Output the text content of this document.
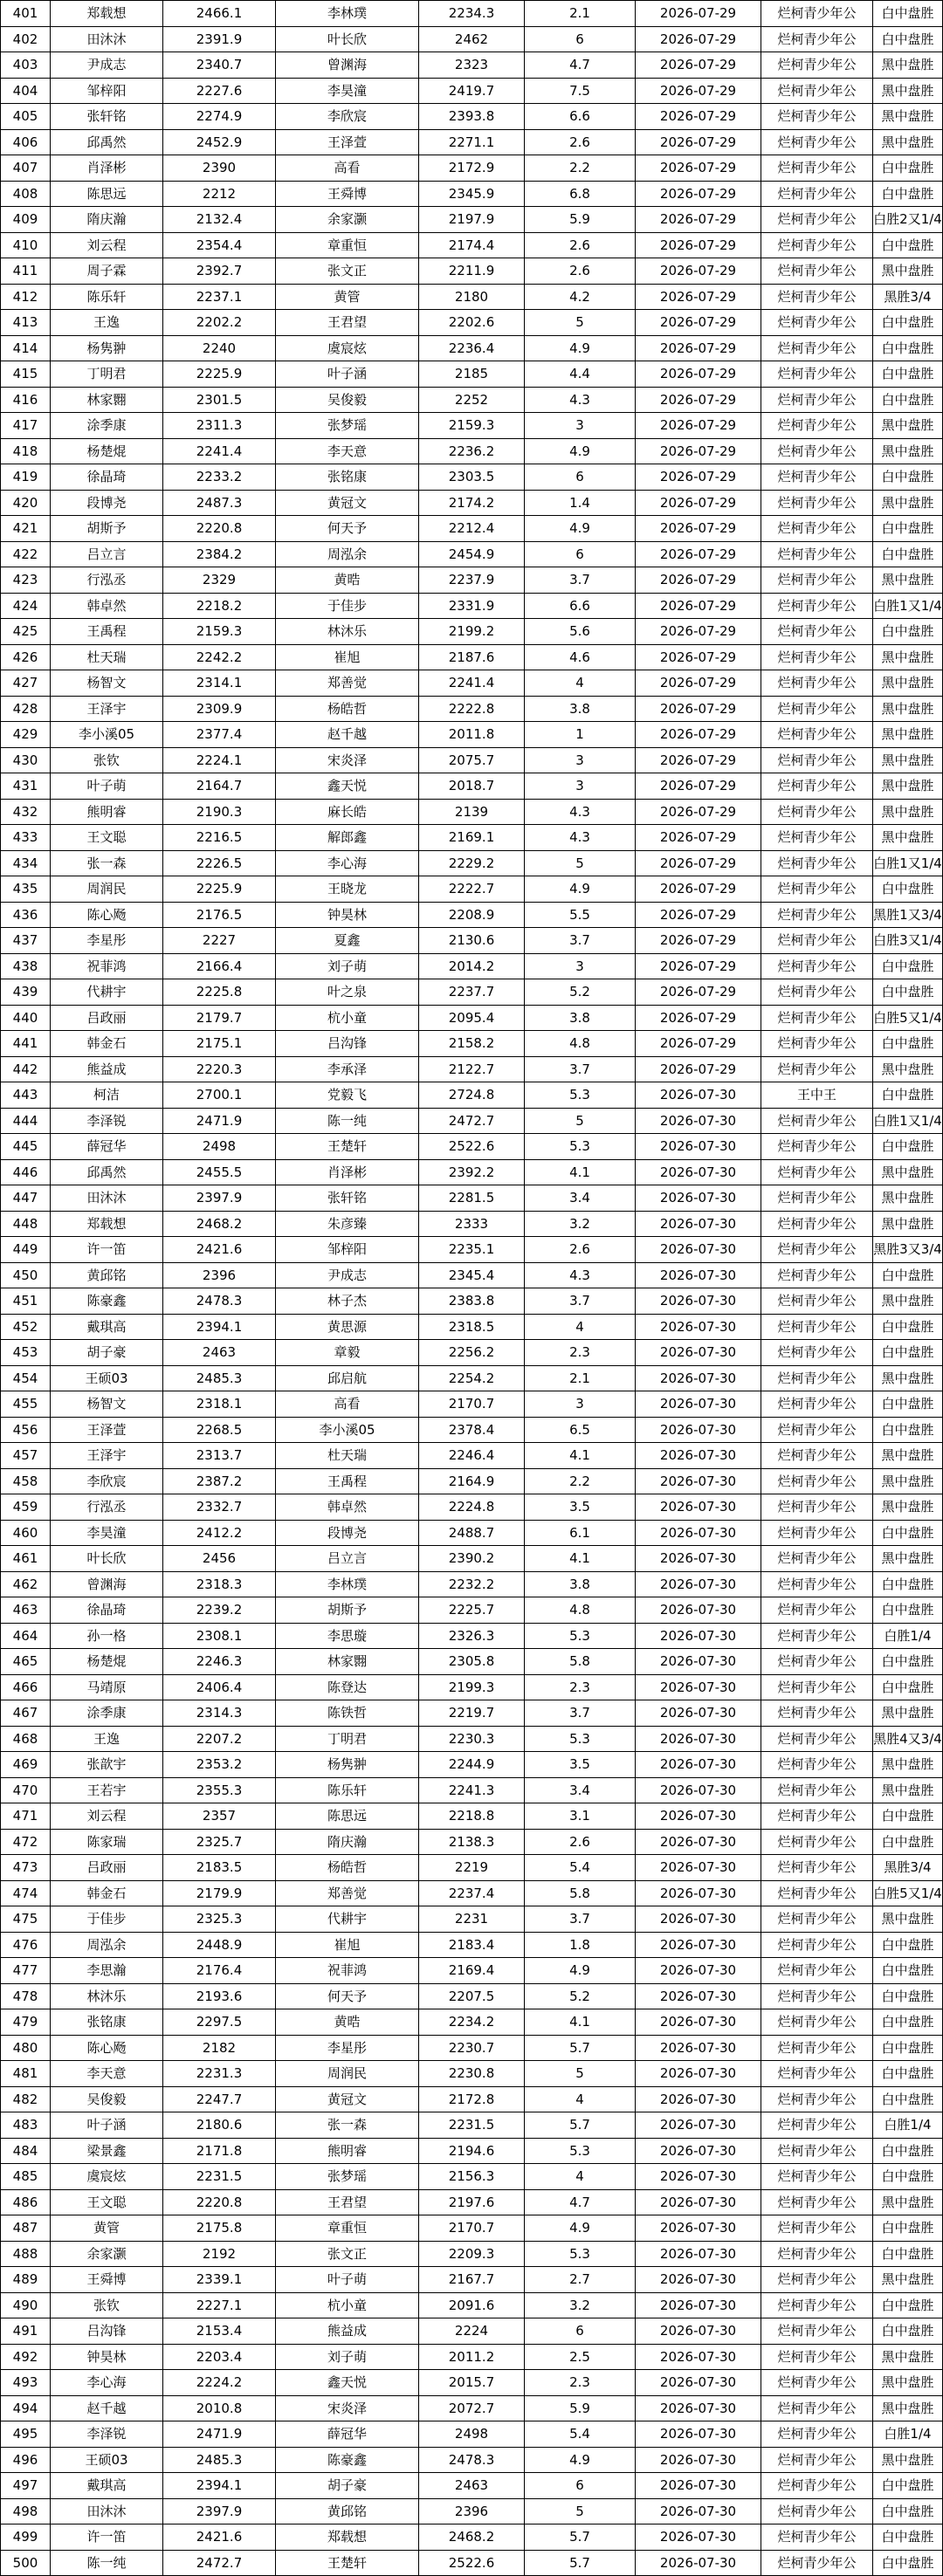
401	郑载想	2466.1	李林璞	2234.3	2.1	2026-07-29	烂柯青少年公	白中盘胜
402	田沐沐	2391.9	叶长欣	2462	6	2026-07-29	烂柯青少年公	白中盘胜
403	尹成志	2340.7	曾渊海	2323	4.7	2026-07-29	烂柯青少年公	黑中盘胜
404	邹梓阳	2227.6	李昊潼	2419.7	7.5	2026-07-29	烂柯青少年公	黑中盘胜
405	张轩铭	2274.9	李欣宸	2393.8	6.6	2026-07-29	烂柯青少年公	黑中盘胜
406	邱禹然	2452.9	王泽萱	2271.1	2.6	2026-07-29	烂柯青少年公	黑中盘胜
407	肖泽彬	2390	高看	2172.9	2.2	2026-07-29	烂柯青少年公	白中盘胜
408	陈思远	2212	王舜博	2345.9	6.8	2026-07-29	烂柯青少年公	白中盘胜
409	隋庆瀚	2132.4	余家灏	2197.9	5.9	2026-07-29	烂柯青少年公	白胜2又1/4
410	刘云程	2354.4	章重恒	2174.4	2.6	2026-07-29	烂柯青少年公	白中盘胜
411	周子霖	2392.7	张文正	2211.9	2.6	2026-07-29	烂柯青少年公	黑中盘胜
412	陈乐轩	2237.1	黄管	2180	4.2	2026-07-29	烂柯青少年公	黑胜3/4
413	王逸	2202.2	王君望	2202.6	5	2026-07-29	烂柯青少年公	白中盘胜
414	杨隽翀	2240	虞宸炫	2236.4	4.9	2026-07-29	烂柯青少年公	白中盘胜
415	丁明君	2225.9	叶子涵	2185	4.4	2026-07-29	烂柯青少年公	白中盘胜
416	林家翾	2301.5	吴俊毅	2252	4.3	2026-07-29	烂柯青少年公	白中盘胜
417	涂季康	2311.3	张梦瑶	2159.3	3	2026-07-29	烂柯青少年公	黑中盘胜
418	杨楚焜	2241.4	李天意	2236.2	4.9	2026-07-29	烂柯青少年公	黑中盘胜
419	徐晶琦	2233.2	张铭康	2303.5	6	2026-07-29	烂柯青少年公	白中盘胜
420	段博尧	2487.3	黄冠文	2174.2	1.4	2026-07-29	烂柯青少年公	黑中盘胜
421	胡斯予	2220.8	何天予	2212.4	4.9	2026-07-29	烂柯青少年公	白中盘胜
422	吕立言	2384.2	周泓余	2454.9	6	2026-07-29	烂柯青少年公	白中盘胜
423	行泓丞	2329	黄晧	2237.9	3.7	2026-07-29	烂柯青少年公	黑中盘胜
424	韩卓然	2218.2	于佳步	2331.9	6.6	2026-07-29	烂柯青少年公	白胜1又1/4
425	王禹程	2159.3	林沐乐	2199.2	5.6	2026-07-29	烂柯青少年公	白中盘胜
426	杜天瑞	2242.2	崔旭	2187.6	4.6	2026-07-29	烂柯青少年公	黑中盘胜
427	杨智文	2314.1	郑善觉	2241.4	4	2026-07-29	烂柯青少年公	黑中盘胜
428	王泽宇	2309.9	杨皓哲	2222.8	3.8	2026-07-29	烂柯青少年公	黑中盘胜
429	李小溪05	2377.4	赵千越	2011.8	1	2026-07-29	烂柯青少年公	黑中盘胜
430	张钦	2224.1	宋炎泽	2075.7	3	2026-07-29	烂柯青少年公	黑中盘胜
431	叶子萌	2164.7	鑫天悦	2018.7	3	2026-07-29	烂柯青少年公	黑中盘胜
432	熊明睿	2190.3	麻长皓	2139	4.3	2026-07-29	烂柯青少年公	黑中盘胜
433	王文聪	2216.5	解郎鑫	2169.1	4.3	2026-07-29	烂柯青少年公	黑中盘胜
434	张一森	2226.5	李心海	2229.2	5	2026-07-29	烂柯青少年公	白胜1又1/4
435	周润民	2225.9	王晓龙	2222.7	4.9	2026-07-29	烂柯青少年公	白中盘胜
436	陈心飏	2176.5	钟昊林	2208.9	5.5	2026-07-29	烂柯青少年公	黑胜1又3/4
437	李星彤	2227	夏鑫	2130.6	3.7	2026-07-29	烂柯青少年公	白胜3又1/4
438	祝菲鸿	2166.4	刘子萌	2014.2	3	2026-07-29	烂柯青少年公	白中盘胜
439	代耕宇	2225.8	叶之泉	2237.7	5.2	2026-07-29	烂柯青少年公	白中盘胜
440	吕政丽	2179.7	杭小童	2095.4	3.8	2026-07-29	烂柯青少年公	白胜5又1/4
441	韩金石	2175.1	吕沟锋	2158.2	4.8	2026-07-29	烂柯青少年公	白中盘胜
442	熊益成	2220.3	李承泽	2122.7	3.7	2026-07-29	烂柯青少年公	黑中盘胜
443	柯洁	2700.1	党毅飞	2724.8	5.3	2026-07-30	王中王	白中盘胜
444	李泽锐	2471.9	陈一纯	2472.7	5	2026-07-30	烂柯青少年公	白胜1又1/4
445	薛冠华	2498	王楚轩	2522.6	5.3	2026-07-30	烂柯青少年公	白中盘胜
446	邱禹然	2455.5	肖泽彬	2392.2	4.1	2026-07-30	烂柯青少年公	黑中盘胜
447	田沐沐	2397.9	张轩铭	2281.5	3.4	2026-07-30	烂柯青少年公	黑中盘胜
448	郑载想	2468.2	朱彦臻	2333	3.2	2026-07-30	烂柯青少年公	黑中盘胜
449	许一笛	2421.6	邹梓阳	2235.1	2.6	2026-07-30	烂柯青少年公	黑胜3又3/4
450	黄邱铭	2396	尹成志	2345.4	4.3	2026-07-30	烂柯青少年公	白中盘胜
451	陈豪鑫	2478.3	林子杰	2383.8	3.7	2026-07-30	烂柯青少年公	黑中盘胜
452	戴琪高	2394.1	黄思源	2318.5	4	2026-07-30	烂柯青少年公	白中盘胜
453	胡子豪	2463	章毅	2256.2	2.3	2026-07-30	烂柯青少年公	白中盘胜
454	王硕03	2485.3	邱启航	2254.2	2.1	2026-07-30	烂柯青少年公	黑中盘胜
455	杨智文	2318.1	高看	2170.7	3	2026-07-30	烂柯青少年公	白中盘胜
456	王泽萱	2268.5	李小溪05	2378.4	6.5	2026-07-30	烂柯青少年公	白中盘胜
457	王泽宇	2313.7	杜天瑞	2246.4	4.1	2026-07-30	烂柯青少年公	黑中盘胜
458	李欣宸	2387.2	王禹程	2164.9	2.2	2026-07-30	烂柯青少年公	黑中盘胜
459	行泓丞	2332.7	韩卓然	2224.8	3.5	2026-07-30	烂柯青少年公	黑中盘胜
460	李昊潼	2412.2	段博尧	2488.7	6.1	2026-07-30	烂柯青少年公	白中盘胜
461	叶长欣	2456	吕立言	2390.2	4.1	2026-07-30	烂柯青少年公	黑中盘胜
462	曾渊海	2318.3	李林璞	2232.2	3.8	2026-07-30	烂柯青少年公	白中盘胜
463	徐晶琦	2239.2	胡斯予	2225.7	4.8	2026-07-30	烂柯青少年公	白中盘胜
464	孙一格	2308.1	李思璇	2326.3	5.3	2026-07-30	烂柯青少年公	白胜1/4
465	杨楚焜	2246.3	林家翾	2305.8	5.8	2026-07-30	烂柯青少年公	白中盘胜
466	马靖原	2406.4	陈登达	2199.3	2.3	2026-07-30	烂柯青少年公	白中盘胜
467	涂季康	2314.3	陈铁哲	2219.7	3.7	2026-07-30	烂柯青少年公	黑中盘胜
468	王逸	2207.2	丁明君	2230.3	5.3	2026-07-30	烂柯青少年公	黑胜4又3/4
469	张歆宇	2353.2	杨隽翀	2244.9	3.5	2026-07-30	烂柯青少年公	黑中盘胜
470	王若宇	2355.3	陈乐轩	2241.3	3.4	2026-07-30	烂柯青少年公	黑中盘胜
471	刘云程	2357	陈思远	2218.8	3.1	2026-07-30	烂柯青少年公	白中盘胜
472	陈家瑞	2325.7	隋庆瀚	2138.3	2.6	2026-07-30	烂柯青少年公	白中盘胜
473	吕政丽	2183.5	杨皓哲	2219	5.4	2026-07-30	烂柯青少年公	黑胜3/4
474	韩金石	2179.9	郑善觉	2237.4	5.8	2026-07-30	烂柯青少年公	白胜5又1/4
475	于佳步	2325.3	代耕宇	2231	3.7	2026-07-30	烂柯青少年公	黑中盘胜
476	周泓余	2448.9	崔旭	2183.4	1.8	2026-07-30	烂柯青少年公	白中盘胜
477	李思瀚	2176.4	祝菲鸿	2169.4	4.9	2026-07-30	烂柯青少年公	白中盘胜
478	林沐乐	2193.6	何天予	2207.5	5.2	2026-07-30	烂柯青少年公	白中盘胜
479	张铭康	2297.5	黄晧	2234.2	4.1	2026-07-30	烂柯青少年公	白中盘胜
480	陈心飏	2182	李星彤	2230.7	5.7	2026-07-30	烂柯青少年公	白中盘胜
481	李天意	2231.3	周润民	2230.8	5	2026-07-30	烂柯青少年公	白中盘胜
482	吴俊毅	2247.7	黄冠文	2172.8	4	2026-07-30	烂柯青少年公	白中盘胜
483	叶子涵	2180.6	张一森	2231.5	5.7	2026-07-30	烂柯青少年公	白胜1/4
484	梁景鑫	2171.8	熊明睿	2194.6	5.3	2026-07-30	烂柯青少年公	白中盘胜
485	虞宸炫	2231.5	张梦瑶	2156.3	4	2026-07-30	烂柯青少年公	白中盘胜
486	王文聪	2220.8	王君望	2197.6	4.7	2026-07-30	烂柯青少年公	黑中盘胜
487	黄管	2175.8	章重恒	2170.7	4.9	2026-07-30	烂柯青少年公	白中盘胜
488	余家灏	2192	张文正	2209.3	5.3	2026-07-30	烂柯青少年公	白中盘胜
489	王舜博	2339.1	叶子萌	2167.7	2.7	2026-07-30	烂柯青少年公	黑中盘胜
490	张钦	2227.1	杭小童	2091.6	3.2	2026-07-30	烂柯青少年公	白中盘胜
491	吕沟锋	2153.4	熊益成	2224	6	2026-07-30	烂柯青少年公	白中盘胜
492	钟昊林	2203.4	刘子萌	2011.2	2.5	2026-07-30	烂柯青少年公	黑中盘胜
493	李心海	2224.2	鑫天悦	2015.7	2.3	2026-07-30	烂柯青少年公	黑中盘胜
494	赵千越	2010.8	宋炎泽	2072.7	5.9	2026-07-30	烂柯青少年公	黑中盘胜
495	李泽锐	2471.9	薛冠华	2498	5.4	2026-07-30	烂柯青少年公	白胜1/4
496	王硕03	2485.3	陈豪鑫	2478.3	4.9	2026-07-30	烂柯青少年公	黑中盘胜
497	戴琪高	2394.1	胡子豪	2463	6	2026-07-30	烂柯青少年公	白中盘胜
498	田沐沐	2397.9	黄邱铭	2396	5	2026-07-30	烂柯青少年公	白中盘胜
499	许一笛	2421.6	郑载想	2468.2	5.7	2026-07-30	烂柯青少年公	白中盘胜
500	陈一纯	2472.7	王楚轩	2522.6	5.7	2026-07-30	烂柯青少年公	白中盘胜
